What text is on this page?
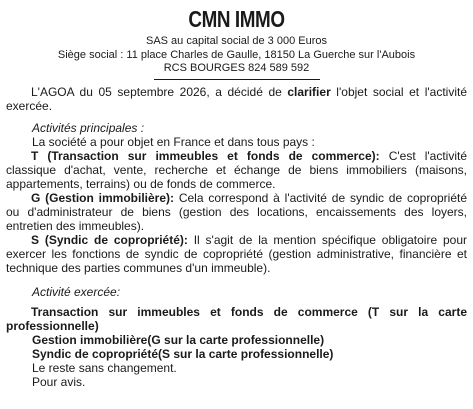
CMN IMMO
SAS au capital social de 3 000 Euros
Siège social : 11 place Charles de Gaulle, 18150 La Guerche sur l'Aubois
RCS BOURGES 824 589 592

L'AGOA du 05 septembre 2026, a décidé de clarifier l'objet social et l'activité exercée.

Activités principales :
La société a pour objet en France et dans tous pays :

T (Transaction sur immeubles et fonds de commerce): C'est l'activité classique d'achat, vente, recherche et échange de biens immobiliers (maisons, appartements, terrains) ou de fonds de commerce.

G (Gestion immobilière): Cela correspond à l'activité de syndic de copropriété ou d'administrateur de biens (gestion des locations, encaissements des loyers, entretien des immeubles).

S (Syndic de copropriété): Il s'agit de la mention spécifique obligatoire pour exercer les fonctions de syndic de copropriété (gestion administrative, financière et technique des parties communes d'un immeuble).

Activité exercée:

Transaction sur immeubles et fonds de commerce (T sur la carte professionnelle)

Gestion immobilière(G sur la carte professionnelle)
Syndic de copropriété(S sur la carte professionnelle)
Le reste sans changement.
Pour avis.
